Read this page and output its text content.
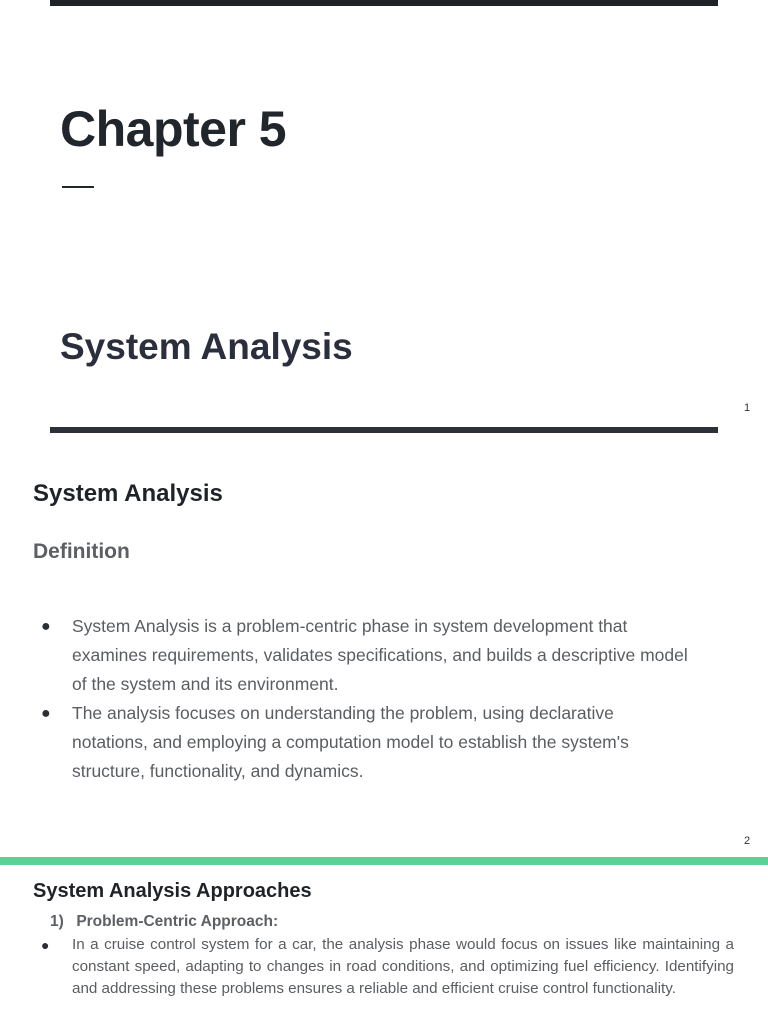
Chapter 5
System Analysis
1
System Analysis
Definition
● System Analysis is a problem-centric phase in system development that examines requirements, validates specifications, and builds a descriptive model of the system and its environment.
● The analysis focuses on understanding the problem, using declarative notations, and employing a computation model to establish the system's structure, functionality, and dynamics.
2
System Analysis Approaches
1) Problem-Centric Approach:
● In a cruise control system for a car, the analysis phase would focus on issues like maintaining a constant speed, adapting to changes in road conditions, and optimizing fuel efficiency. Identifying and addressing these problems ensures a reliable and efficient cruise control functionality.
